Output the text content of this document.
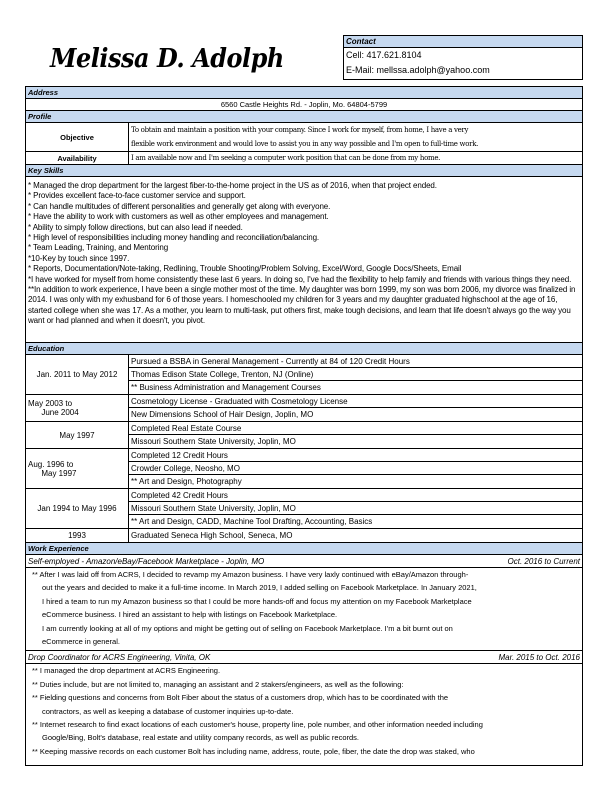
Melissa D. Adolph
Contact
Cell: 417.621.8104
E-Mail: mellssa.adolph@yahoo.com
Address
6560 Castle Heights Rd. - Joplin, Mo. 64804-5799
Profile
Objective
To obtain and maintain a position with your company. Since I work for myself, from home, I have a very
flexible work environment and would love to assist you in any way possible and I'm open to full-time work.
Availability	I am available now and I'm seeking a computer work position that can be done from my home.
Key Skills
* Managed the drop department for the largest fiber-to-the-home project in the US as of 2016, when that project ended.
* Provides excellent face-to-face customer service and support.
* Can handle multitudes of different personalities and generally get along with everyone.
* Have the ability to work with customers as well as other employees and management.
* Ability to simply follow directions, but can also lead if needed.
* High level of responsibilities including money handling and reconciliation/balancing.
* Team Leading, Training, and Mentoring
*10-Key by touch since 1997.
* Reports, Documentation/Note-taking, Redlining, Trouble Shooting/Problem Solving, Excel/Word, Google Docs/Sheets, Email
*I have worked for myself from home consistently these last 6 years. In doing so, I've had the flexibility to help family and friends with various things they need.
**In addition to work experience, I have been a single mother most of the time. My daughter was born 1999, my son was born 2006, my divorce was finalized in 2014. I was only with my exhusband for 6 of those years. I homeschooled my children for 3 years and my daughter graduated highschool at the age of 16, started college when she was 17. As a mother, you learn to multi-task, put others first, make tough decisions, and learn that life doesn't always go the way you want or had planned and when it doesn't, you pivot.
Education
Jan. 2011 to May 2012
Pursued a BSBA in General Management - Currently at 84 of 120 Credit Hours
Thomas Edison State College, Trenton, NJ (Online)
** Business Administration and Management Courses
May 2003 to
June 2004
Cosmetology License - Graduated with Cosmetology License
New Dimensions School of Hair Design, Joplin, MO
May 1997
Completed Real Estate Course
Missouri Southern State University, Joplin, MO
Aug. 1996 to
May 1997
Completed 12 Credit Hours
Crowder College, Neosho, MO
** Art and Design, Photography
Jan 1994 to May 1996
Completed 42 Credit Hours
Missouri Southern State University, Joplin, MO
** Art and Design, CADD, Machine Tool Drafting, Accounting, Basics
1993	Graduated Seneca High School, Seneca, MO
Work Experience
Self-employed - Amazon/eBay/Facebook Marketplace - Joplin, MO	Oct. 2016 to Current
** After I was laid off from ACRS, I decided to revamp my Amazon business. I have very laxly continued with eBay/Amazon through-
out the years and decided to make it a full-time income. In March 2019, I added selling on Facebook Marketplace. In January 2021,
I hired a team to run my Amazon business so that I could be more hands-off and focus my attention on my Facebook Marketplace
eCommerce business. I hired an assistant to help with listings on Facebook Marketplace.
I am currently looking at all of my options and might be getting out of selling on Facebook Marketplace. I'm a bit burnt out on
eCommerce in general.
Drop Coordinator for ACRS Engineering, Vinita, OK	Mar. 2015 to Oct. 2016
** I managed the drop department at ACRS Engineering.
** Duties include, but are not limited to, managing an assistant and 2 stakers/engineers, as well as the following:
** Fielding questions and concerns from Bolt Fiber about the status of a customers drop, which has to be coordinated with the
contractors, as well as keeping a database of customer inquiries up-to-date.
** Internet research to find exact locations of each customer's house, property line, pole number, and other information needed including
Google/Bing, Bolt's database, real estate and utility company records, as well as public records.
** Keeping massive records on each customer Bolt has including name, address, route, pole, fiber, the date the drop was staked, who
